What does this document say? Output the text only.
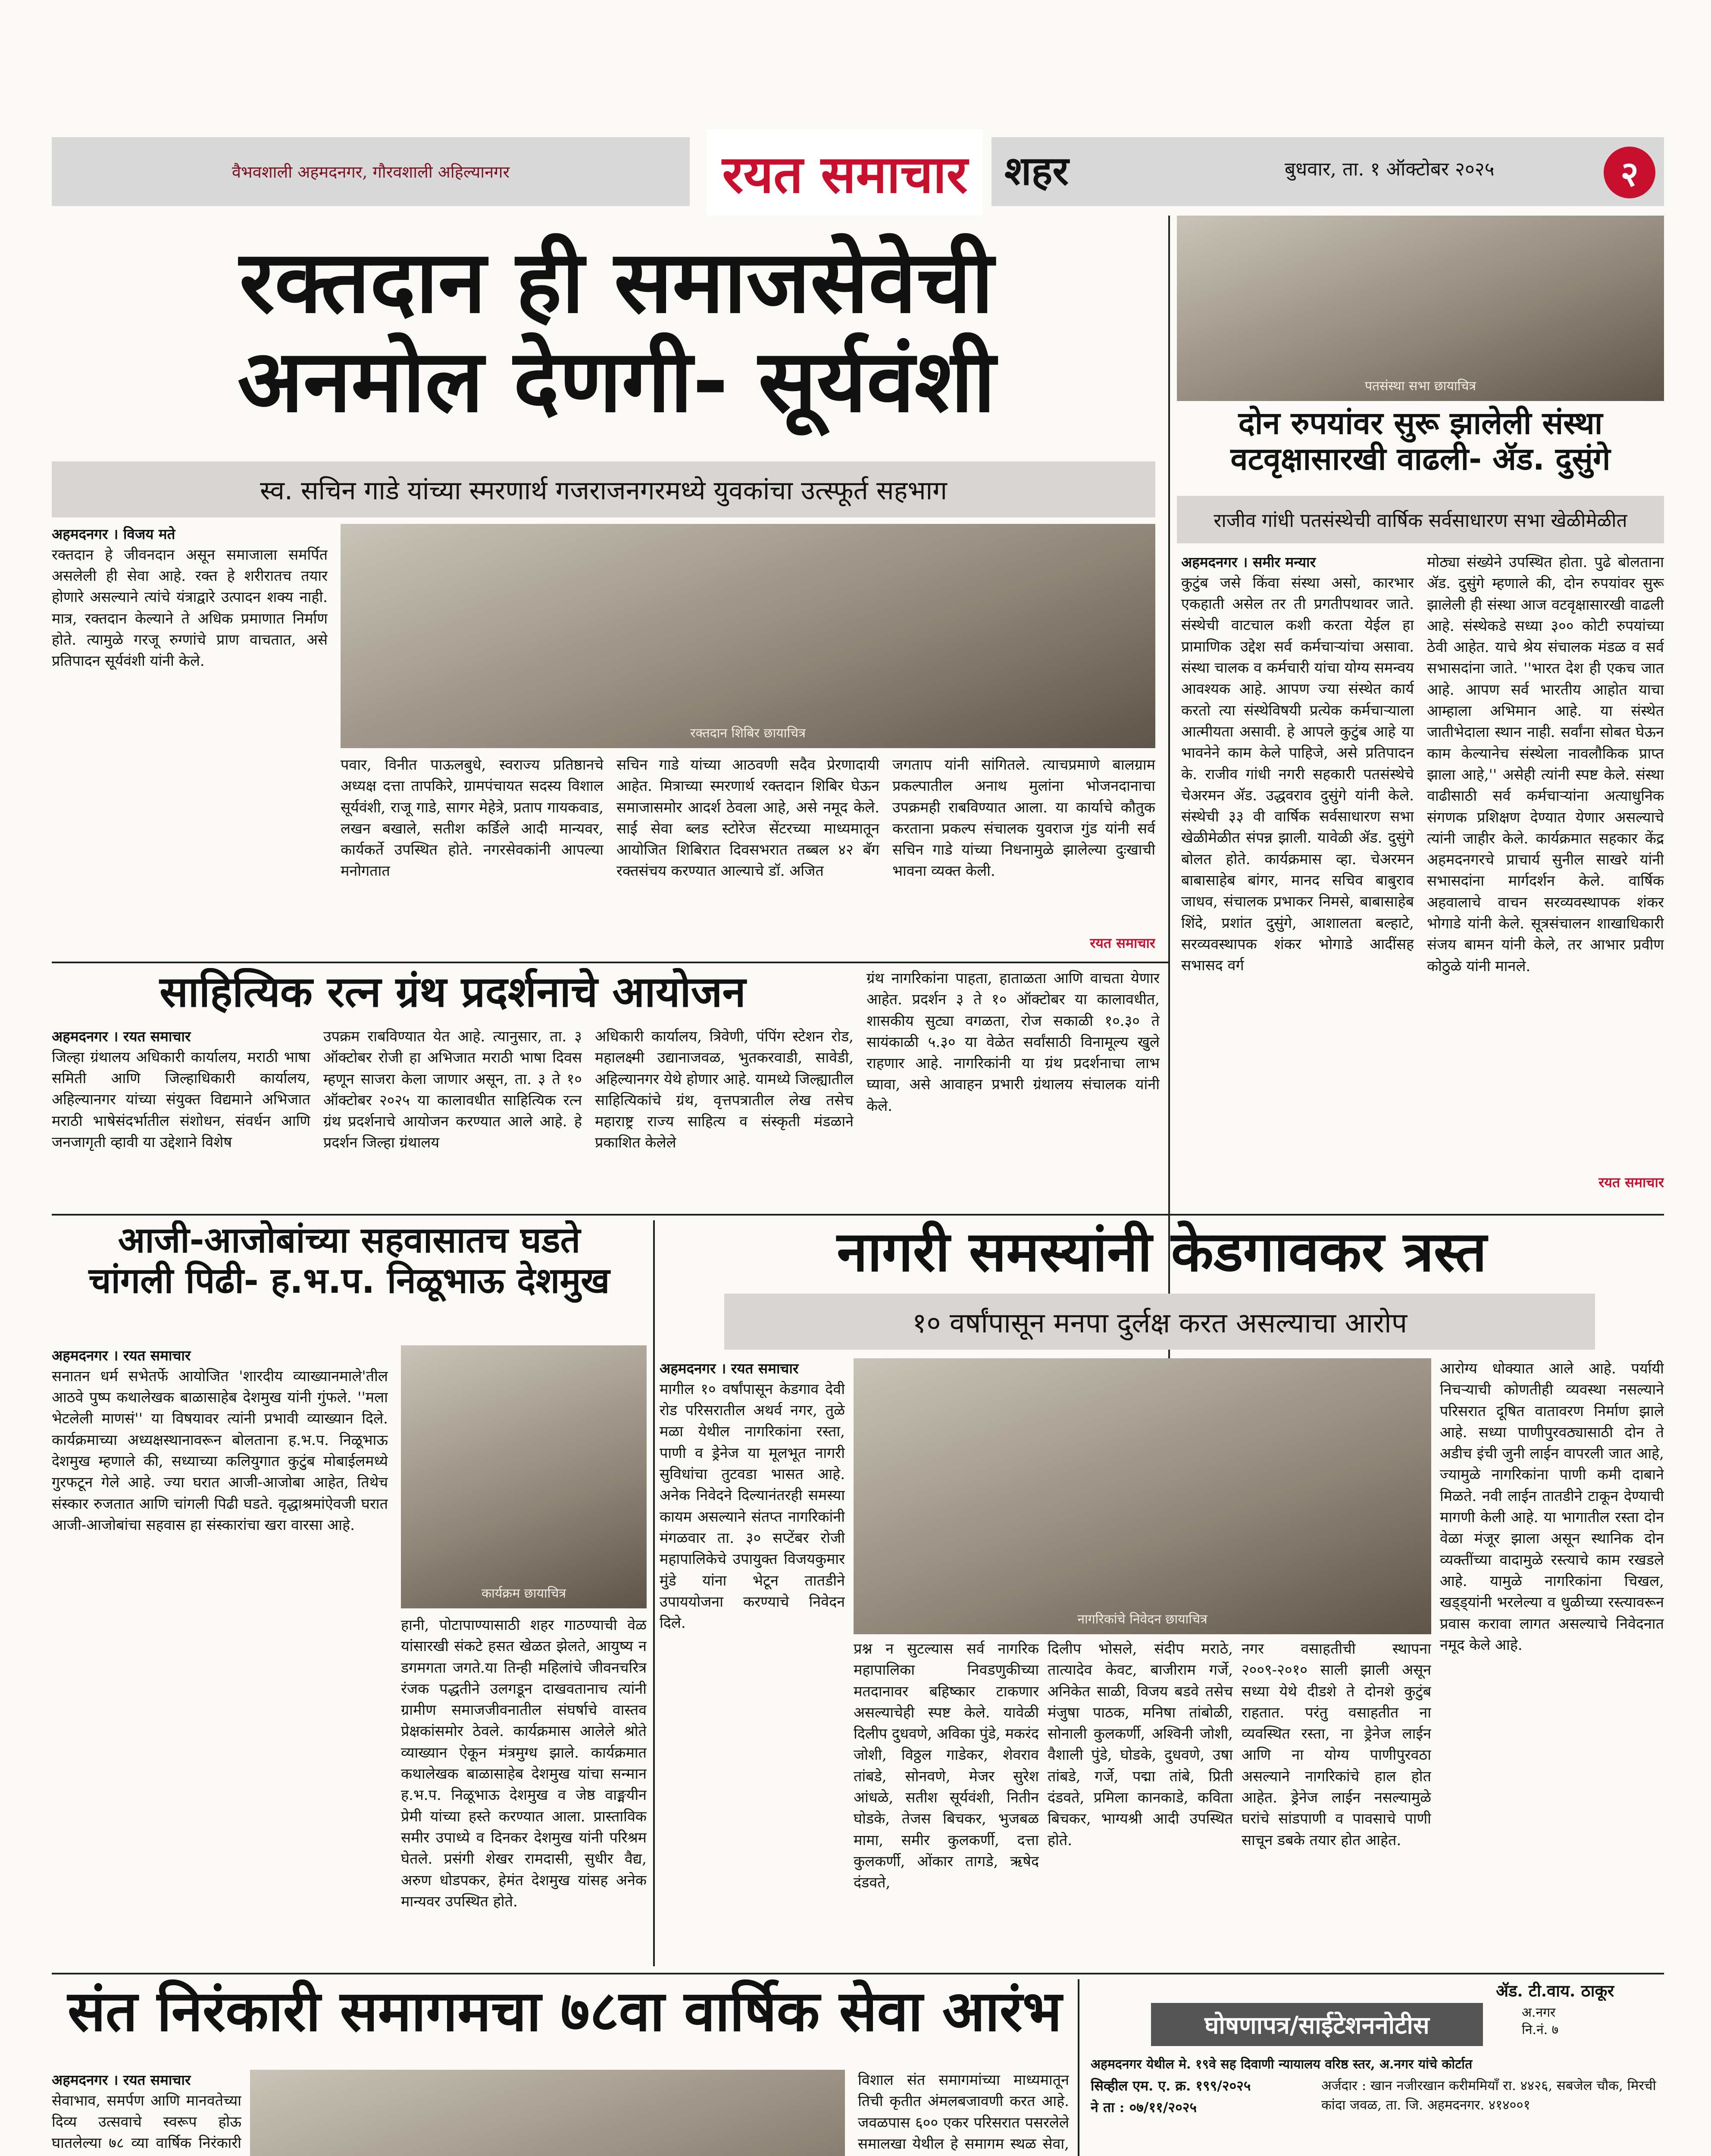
वैभवशाली अहमदनगर, गौरवशाली अहिल्यानगर	रयत समाचार शहर	बुधवार, ता. १ ऑक्टोबर २०२५	२
रक्तदान ही समाजसेवेची
अनमोल देणगी- सूर्यवंशी
स्व. सचिन गाडे यांच्या स्मरणार्थ गजराजनगरमध्ये युवकांचा उत्स्फूर्त सहभाग
अहमदनगर । विजय मते

रक्तदान हे जीवनदान असून समाजाला समर्पित असलेली ही सेवा आहे. रक्त हे शरीरातच तयार होणारे असल्याने त्यांचे यंत्राद्वारे उत्पादन शक्य नाही. मात्र, रक्तदान केल्याने ते अधिक प्रमाणात निर्माण होते. त्यामुळे गरजू रुग्णांचे प्राण वाचतात, असे प्रतिपादन सूर्यवंशी यांनी केले.

रक्तदान शिबिर छायाचित्र
पवार, विनीत पाऊलबुधे, स्वराज्य प्रतिष्ठानचे अध्यक्ष दत्ता तापकिरे, ग्रामपंचायत सदस्य विशाल सूर्यवंशी, राजू गाडे, सागर मेहेत्रे, प्रताप गायकवाड, लखन बखाले, सतीश कर्डिले आदी मान्यवर, कार्यकर्ते उपस्थित होते. नगरसेवकांनी आपल्या मनोगतात
सचिन गाडे यांच्या आठवणी सदैव प्रेरणादायी आहेत. मित्राच्या स्मरणार्थ रक्तदान शिबिर घेऊन समाजासमोर आदर्श ठेवला आहे, असे नमूद केले. साई सेवा ब्लड स्टोरेज सेंटरच्या माध्यमातून आयोजित शिबिरात दिवसभरात तब्बल ४२ बॅग रक्तसंचय करण्यात आल्याचे डॉ. अजित
जगताप यांनी सांगितले. त्याचप्रमाणे बालग्राम प्रकल्पातील अनाथ मुलांना भोजनदानाचा उपक्रमही राबविण्यात आला. या कार्याचे कौतुक करताना प्रकल्प संचालक युवराज गुंड यांनी सर्व सचिन गाडे यांच्या निधनामुळे झालेल्या दुःखाची भावना व्यक्त केली.
रयत समाचार
पतसंस्था सभा छायाचित्र
दोन रुपयांवर सुरू झालेली संस्था
वटवृक्षासारखी वाढली- ॲड. दुसुंगे
राजीव गांधी पतसंस्थेची वार्षिक सर्वसाधारण सभा खेळीमेळीत
अहमदनगर । समीर मन्यार

कुटुंब जसे किंवा संस्था असो, कारभार एकहाती असेल तर ती प्रगतीपथावर जाते. संस्थेची वाटचाल कशी करता येईल हा प्रामाणिक उद्देश सर्व कर्मचाऱ्यांचा असावा. संस्था चालक व कर्मचारी यांचा योग्य समन्वय आवश्यक आहे. आपण ज्या संस्थेत कार्य करतो त्या संस्थेविषयी प्रत्येक कर्मचाऱ्याला आत्मीयता असावी. हे आपले कुटुंब आहे या भावनेने काम केले पाहिजे, असे प्रतिपादन के. राजीव गांधी नगरी सहकारी पतसंस्थेचे चेअरमन ॲड. उद्धवराव दुसुंगे यांनी केले. संस्थेची ३३ वी वार्षिक सर्वसाधारण सभा खेळीमेळीत संपन्न झाली. यावेळी ॲड. दुसुंगे बोलत होते. कार्यक्रमास व्हा. चेअरमन बाबासाहेब बांगर, मानद सचिव बाबुराव जाधव, संचालक प्रभाकर निमसे, बाबासाहेब शिंदे, प्रशांत दुसुंगे, आशालता बल्हाटे, सरव्यवस्थापक शंकर भोगाडे आदींसह सभासद वर्ग

मोठ्या संख्येने उपस्थित होता. पुढे बोलताना ॲड. दुसुंगे म्हणाले की, दोन रुपयांवर सुरू झालेली ही संस्था आज वटवृक्षासारखी वाढली आहे. संस्थेकडे सध्या ३०० कोटी रुपयांच्या ठेवी आहेत. याचे श्रेय संचालक मंडळ व सर्व सभासदांना जाते. ''भारत देश ही एकच जात आहे. आपण सर्व भारतीय आहोत याचा आम्हाला अभिमान आहे. या संस्थेत जातीभेदाला स्थान नाही. सर्वांना सोबत घेऊन काम केल्यानेच संस्थेला नावलौकिक प्राप्त झाला आहे,'' असेही त्यांनी स्पष्ट केले. संस्था वाढीसाठी सर्व कर्मचाऱ्यांना अत्याधुनिक संगणक प्रशिक्षण देण्यात येणार असल्याचे त्यांनी जाहीर केले. कार्यक्रमात सहकार केंद्र अहमदनगरचे प्राचार्य सुनील साखरे यांनी सभासदांना मार्गदर्शन केले. वार्षिक अहवालाचे वाचन सरव्यवस्थापक शंकर भोगाडे यांनी केले. सूत्रसंचालन शाखाधिकारी संजय बामन यांनी केले, तर आभार प्रवीण कोठुळे यांनी मानले.
रयत समाचार
साहित्यिक रत्न ग्रंथ प्रदर्शनाचे आयोजन
अहमदनगर । रयत समाचार

जिल्हा ग्रंथालय अधिकारी कार्यालय, मराठी भाषा समिती आणि जिल्हाधिकारी कार्यालय, अहिल्यानगर यांच्या संयुक्त विद्यमाने अभिजात मराठी भाषेसंदर्भातील संशोधन, संवर्धन आणि जनजागृती व्हावी या उद्देशाने विशेष

उपक्रम राबविण्यात येत आहे. त्यानुसार, ता. ३ ऑक्टोबर रोजी हा अभिजात मराठी भाषा दिवस म्हणून साजरा केला जाणार असून, ता. ३ ते १० ऑक्टोबर २०२५ या कालावधीत साहित्यिक रत्न ग्रंथ प्रदर्शनाचे आयोजन करण्यात आले आहे. हे प्रदर्शन जिल्हा ग्रंथालय
अधिकारी कार्यालय, त्रिवेणी, पंपिंग स्टेशन रोड, महालक्ष्मी उद्यानाजवळ, भुतकरवाडी, सावेडी, अहिल्यानगर येथे होणार आहे. यामध्ये जिल्ह्यातील साहित्यिकांचे ग्रंथ, वृत्तपत्रातील लेख तसेच महाराष्ट्र राज्य साहित्य व संस्कृती मंडळाने प्रकाशित केलेले
ग्रंथ नागरिकांना पाहता, हाताळता आणि वाचता येणार आहेत. प्रदर्शन ३ ते १० ऑक्टोबर या कालावधीत, शासकीय सुट्या वगळता, रोज सकाळी १०.३० ते सायंकाळी ५.३० या वेळेत सर्वांसाठी विनामूल्य खुले राहणार आहे. नागरिकांनी या ग्रंथ प्रदर्शनाचा लाभ घ्यावा, असे आवाहन प्रभारी ग्रंथालय संचालक यांनी केले.
आजी-आजोबांच्या सहवासातच घडते
चांगली पिढी- ह.भ.प. निळूभाऊ देशमुख
अहमदनगर । रयत समाचार

सनातन धर्म सभेतर्फे आयोजित 'शारदीय व्याख्यानमाले'तील आठवे पुष्प कथालेखक बाळासाहेब देशमुख यांनी गुंफले. ''मला भेटलेली माणसं'' या विषयावर त्यांनी प्रभावी व्याख्यान दिले. कार्यक्रमाच्या अध्यक्षस्थानावरून बोलताना ह.भ.प. निळूभाऊ देशमुख म्हणाले की, सध्याच्या कलियुगात कुटुंब मोबाईलमध्ये गुरफटून गेले आहे. ज्या घरात आजी-आजोबा आहेत, तिथेच संस्कार रुजतात आणि चांगली पिढी घडते. वृद्धाश्रमांऐवजी घरात आजी-आजोबांचा सहवास हा संस्कारांचा खरा वारसा आहे.

कार्यक्रम छायाचित्र
हानी, पोटापाण्यासाठी शहर गाठण्याची वेळ यांसारखी संकटे हसत खेळत झेलते, आयुष्य न डगमगता जगते.या तिन्ही महिलांचे जीवनचरित्र रंजक पद्धतीने उलगडून दाखवतानाच त्यांनी ग्रामीण समाजजीवनातील संघर्षाचे वास्तव प्रेक्षकांसमोर ठेवले. कार्यक्रमास आलेले श्रोते व्याख्यान ऐकून मंत्रमुग्ध झाले. कार्यक्रमात कथालेखक बाळासाहेब देशमुख यांचा सन्मान ह.भ.प. निळूभाऊ देशमुख व जेष्ठ वाङ्मयीन प्रेमी यांच्या हस्ते करण्यात आला. प्रास्ताविक समीर उपाध्ये व दिनकर देशमुख यांनी परिश्रम घेतले. प्रसंगी शेखर रामदासी, सुधीर वैद्य, अरुण धोडपकर, हेमंत देशमुख यांसह अनेक मान्यवर उपस्थित होते.
नागरी समस्यांनी केडगावकर त्रस्त
१० वर्षांपासून मनपा दुर्लक्ष करत असल्याचा आरोप
अहमदनगर । रयत समाचार

मागील १० वर्षांपासून केडगाव देवी रोड परिसरातील अथर्व नगर, तुळे मळा येथील नागरिकांना रस्ता, पाणी व ड्रेनेज या मूलभूत नागरी सुविधांचा तुटवडा भासत आहे. अनेक निवेदने दिल्यानंतरही समस्या कायम असल्याने संतप्त नागरिकांनी मंगळवार ता. ३० सप्टेंबर रोजी महापालिकेचे उपायुक्त विजयकुमार मुंडे यांना भेटून तातडीने उपाययोजना करण्याचे निवेदन दिले.	नागरिकांचे निवेदन छायाचित्र
प्रश्न न सुटल्यास सर्व नागरिक महापालिका निवडणुकीच्या मतदानावर बहिष्कार टाकणार असल्याचेही स्पष्ट केले. यावेळी दिलीप दुधवणे, अविका पुंडे, मकरंद जोशी, विठ्ठल गाडेकर, शेवराव तांबडे, सोनवणे, मेजर सुरेश आंधळे, सतीश सूर्यवंशी, नितीन घोडके, तेजस बिचकर, भुजबळ मामा, समीर कुलकर्णी, दत्ता कुलकर्णी, ओंकार तागडे, ऋषेद दंडवते,
दिलीप भोसले, संदीप मराठे, तात्यादेव केवट, बाजीराम गर्जे, अनिकेत साळी, विजय बडवे तसेच मंजुषा पाठक, मनिषा तांबोळी, सोनाली कुलकर्णी, अश्विनी जोशी, वैशाली पुंडे, घोडके, दुधवणे, उषा तांबडे, गर्जे, पद्मा तांबे, प्रिती दंडवते, प्रमिला कानकाडे, कविता बिचकर, भाग्यश्री आदी उपस्थित होते.
नगर वसाहतीची स्थापना २००९-२०१० साली झाली असून सध्या येथे दीडशे ते दोनशे कुटुंब राहतात. परंतु वसाहतीत ना व्यवस्थित रस्ता, ना ड्रेनेज लाईन आणि ना योग्य पाणीपुरवठा असल्याने नागरिकांचे हाल होत आहेत. ड्रेनेज लाईन नसल्यामुळे घरांचे सांडपाणी व पावसाचे पाणी साचून डबके तयार होत आहेत.
आरोग्य धोक्यात आले आहे. पर्यायी निचऱ्याची कोणतीही व्यवस्था नसल्याने परिसरात दूषित वातावरण निर्माण झाले आहे. सध्या पाणीपुरवठ्यासाठी दोन ते अडीच इंची जुनी लाईन वापरली जात आहे, ज्यामुळे नागरिकांना पाणी कमी दाबाने मिळते. नवी लाईन तातडीने टाकून देण्याची मागणी केली आहे. या भागातील रस्ता दोन वेळा मंजूर झाला असून स्थानिक दोन व्यक्तींच्या वादामुळे रस्त्याचे काम रखडले आहे. यामुळे नागरिकांना चिखल, खड्ड्यांनी भरलेल्या व धुळीच्या रस्त्यावरून प्रवास करावा लागत असल्याचे निवेदनात नमूद केले आहे.
संत निरंकारी समागमचा ७८वा वार्षिक सेवा आरंभ
अहमदनगर । रयत समाचार

सेवाभाव, समर्पण आणि मानवतेच्या दिव्य उत्सवाचे स्वरूप होऊ घातलेल्या ७८ व्या वार्षिक निरंकारी

विशाल संत समागमांच्या माध्यमातून तिची कृतीत अंमलबजावणी करत आहे. जवळपास ६०० एकर परिसरात पसरलेले समालखा येथील हे समागम स्थळ सेवा,
ॲड. टी.वाय. ठाकूर
अ.नगर
नि.नं. ७
घोषणापत्र/साईटेशननोटीस
अहमदनगर येथील मे. १९वे सह दिवाणी न्यायालय वरिष्ठ स्तर, अ.नगर यांचे कोर्टात
सिव्हील एम. ए. क्र. १९९/२०२५
ने ता : ०७/११/२०२५
अर्जदार : खान नजीरखान करीममियाँ रा. ४४२६, सबजेल चौक, मिरची कांदा जवळ, ता. जि. अहमदनगर. ४१४००१
